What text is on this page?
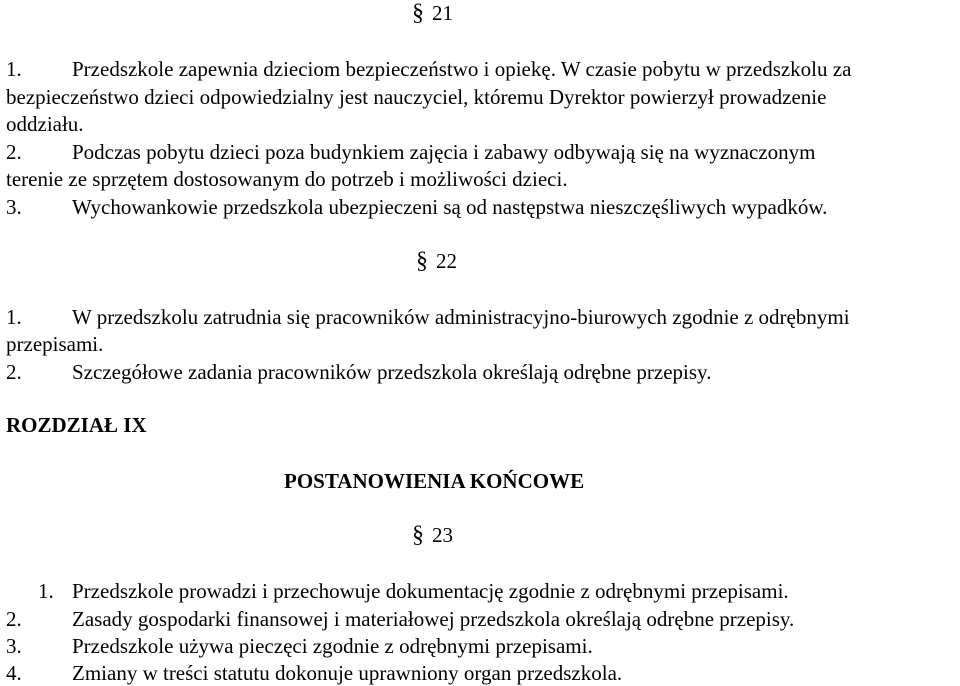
§ 21

1. Przedszkole zapewnia dzieciom bezpieczeństwo i opiekę. W czasie pobytu w przedszkolu za

bezpieczeństwo dzieci odpowiedzialny jest nauczyciel, któremu Dyrektor powierzył prowadzenie

oddziału.

2. Podczas pobytu dzieci poza budynkiem zajęcia i zabawy odbywają się na wyznaczonym

terenie ze sprzętem dostosowanym do potrzeb i możliwości dzieci.

3. Wychowankowie przedszkola ubezpieczeni są od następstwa nieszczęśliwych wypadków.

§ 22

1. W przedszkolu zatrudnia się pracowników administracyjno-biurowych zgodnie z odrębnymi

przepisami.

2. Szczegółowe zadania pracowników przedszkola określają odrębne przepisy.

ROZDZIAŁ IX

POSTANOWIENIA KOŃCOWE

§ 23

1. Przedszkole prowadzi i przechowuje dokumentację zgodnie z odrębnymi przepisami.

2. Zasady gospodarki finansowej i materiałowej przedszkola określają odrębne przepisy.

3. Przedszkole używa pieczęci zgodnie z odrębnymi przepisami.

4. Zmiany w treści statutu dokonuje uprawniony organ przedszkola.
